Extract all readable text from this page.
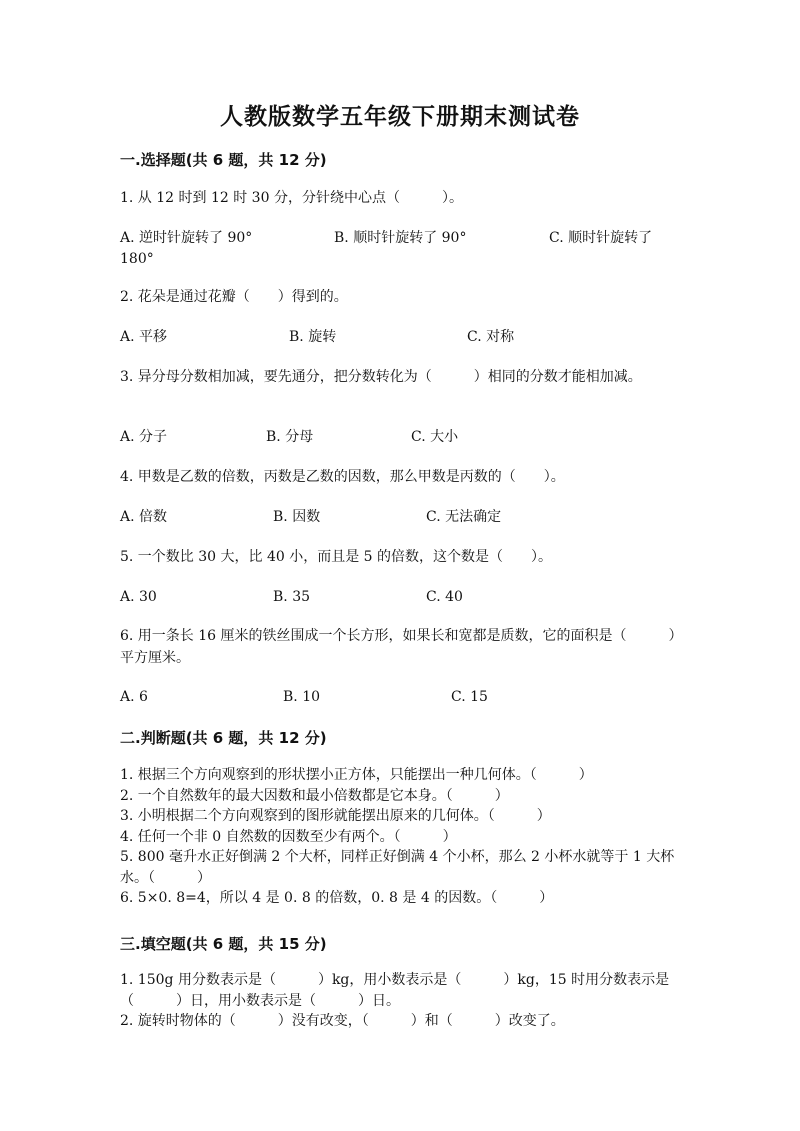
人教版数学五年级下册期末测试卷
一.选择题(共 6 题，共 12 分)
1. 从 12 时到 12 时 30 分，分针绕中心点（　　　）。
A. 逆时针旋转了 90°	B. 顺时针旋转了 90°	C. 顺时针旋转了
180°
2. 花朵是通过花瓣（　　）得到的。
A. 平移	B. 旋转	C. 对称
3. 异分母分数相加减，要先通分，把分数转化为（　　　）相同的分数才能相加减。
A. 分子	B. 分母	C. 大小
4. 甲数是乙数的倍数，丙数是乙数的因数，那么甲数是丙数的（　　）。
A. 倍数	B. 因数	C. 无法确定
5. 一个数比 30 大，比 40 小，而且是 5 的倍数，这个数是（　　）。
A. 30	B. 35	C. 40
6. 用一条长 16 厘米的铁丝围成一个长方形，如果长和宽都是质数，它的面积是（　　　）平方厘米。
A. 6	B. 10	C. 15
二.判断题(共 6 题，共 12 分)
1. 根据三个方向观察到的形状摆小正方体，只能摆出一种几何体。（　　　）
2. 一个自然数年的最大因数和最小倍数都是它本身。（　　　）
3. 小明根据二个方向观察到的图形就能摆出原来的几何体。（　　　）
4. 任何一个非 0 自然数的因数至少有两个。（　　　）
5. 800 毫升水正好倒满 2 个大杯，同样正好倒满 4 个小杯，那么 2 小杯水就等于 1 大杯水。（　　　）
6. 5×0. 8=4，所以 4 是 0. 8 的倍数，0. 8 是 4 的因数。（　　　）
三.填空题(共 6 题，共 15 分)
1. 150g 用分数表示是（　　　）kg，用小数表示是（　　　）kg，15 时用分数表示是（　　　）日，用小数表示是（　　　）日。
2. 旋转时物体的（　　　）没有改变，（　　　）和（　　　）改变了。
